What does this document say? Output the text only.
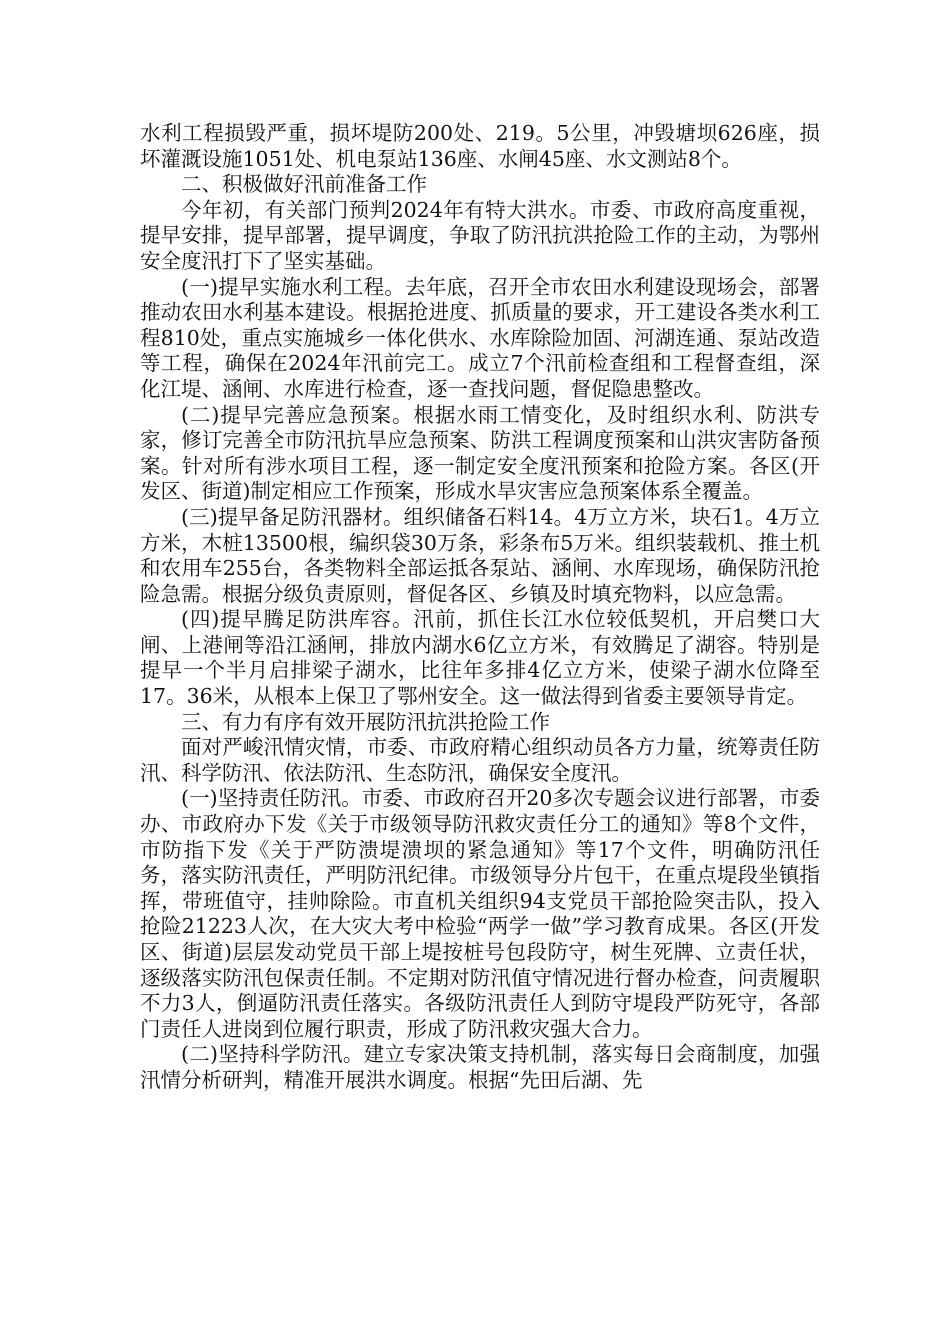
水利工程损毁严重，损坏堤防200处、219。5公里，冲毁塘坝626座，损坏灌溉设施1051处、机电泵站136座、水闸45座、水文测站8个。

二、积极做好汛前准备工作

今年初，有关部门预判2024年有特大洪水。市委、市政府高度重视，提早安排，提早部署，提早调度，争取了防汛抗洪抢险工作的主动，为鄂州安全度汛打下了坚实基础。

(一)提早实施水利工程。去年底，召开全市农田水利建设现场会，部署推动农田水利基本建设。根据抢进度、抓质量的要求，开工建设各类水利工程810处，重点实施城乡一体化供水、水库除险加固、河湖连通、泵站改造等工程，确保在2024年汛前完工。成立7个汛前检查组和工程督查组，深化江堤、涵闸、水库进行检查，逐一查找问题，督促隐患整改。

(二)提早完善应急预案。根据水雨工情变化，及时组织水利、防洪专家，修订完善全市防汛抗旱应急预案、防洪工程调度预案和山洪灾害防备预案。针对所有涉水项目工程，逐一制定安全度汛预案和抢险方案。各区(开发区、街道)制定相应工作预案，形成水旱灾害应急预案体系全覆盖。

(三)提早备足防汛器材。组织储备石料14。4万立方米，块石1。4万立方米，木桩13500根，编织袋30万条，彩条布5万米。组织装载机、推土机和农用车255台，各类物料全部运抵各泵站、涵闸、水库现场，确保防汛抢险急需。根据分级负责原则，督促各区、乡镇及时填充物料，以应急需。

(四)提早腾足防洪库容。汛前，抓住长江水位较低契机，开启樊口大闸、上港闸等沿江涵闸，排放内湖水6亿立方米，有效腾足了湖容。特别是提早一个半月启排梁子湖水，比往年多排4亿立方米，使梁子湖水位降至17。36米，从根本上保卫了鄂州安全。这一做法得到省委主要领导肯定。

三、有力有序有效开展防汛抗洪抢险工作

面对严峻汛情灾情，市委、市政府精心组织动员各方力量，统筹责任防汛、科学防汛、依法防汛、生态防汛，确保安全度汛。

(一)坚持责任防汛。市委、市政府召开20多次专题会议进行部署，市委办、市政府办下发《关于市级领导防汛救灾责任分工的通知》等8个文件，市防指下发《关于严防溃堤溃坝的紧急通知》等17个文件，明确防汛任务，落实防汛责任，严明防汛纪律。市级领导分片包干，在重点堤段坐镇指挥，带班值守，挂帅除险。市直机关组织94支党员干部抢险突击队，投入抢险21223人次，在大灾大考中检验“两学一做”学习教育成果。各区(开发区、街道)层层发动党员干部上堤按桩号包段防守，树生死牌、立责任状，逐级落实防汛包保责任制。不定期对防汛值守情况进行督办检查，问责履职不力3人，倒逼防汛责任落实。各级防汛责任人到防守堤段严防死守，各部门责任人进岗到位履行职责，形成了防汛救灾强大合力。

(二)坚持科学防汛。建立专家决策支持机制，落实每日会商制度，加强汛情分析研判，精准开展洪水调度。根据“先田后湖、先
